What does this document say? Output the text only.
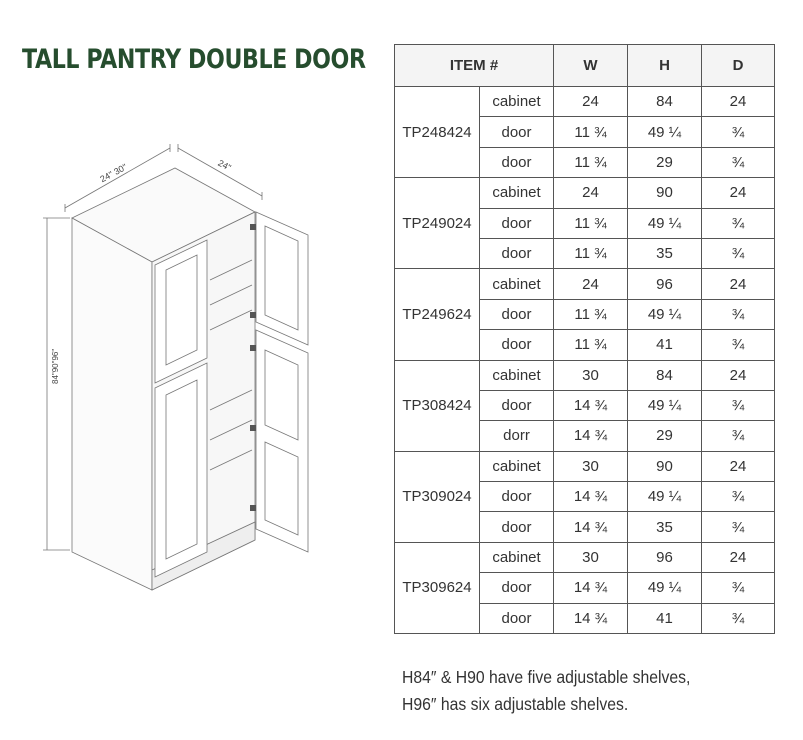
TALL PANTRY DOUBLE DOOR
24" 30"	24"
84"90"96"
ITEM #		W	H	D
TP248424	cabinet	24	84	24
	door	11 ¾	49 ¼	¾
	door	11 ¾	29	¾
TP249024	cabinet	24	90	24
	door	11 ¾	49 ¼	¾
	door	11 ¾	35	¾
TP249624	cabinet	24	96	24
	door	11 ¾	49 ¼	¾
	door	11 ¾	41	¾
TP308424	cabinet	30	84	24
	door	14 ¾	49 ¼	¾
	dorr	14 ¾	29	¾
TP309024	cabinet	30	90	24
	door	14 ¾	49 ¼	¾
	door	14 ¾	35	¾
TP309624	cabinet	30	96	24
	door	14 ¾	49 ¼	¾
	door	14 ¾	41	¾
H84″ & H90 have five adjustable shelves,
H96″ has six adjustable shelves.
